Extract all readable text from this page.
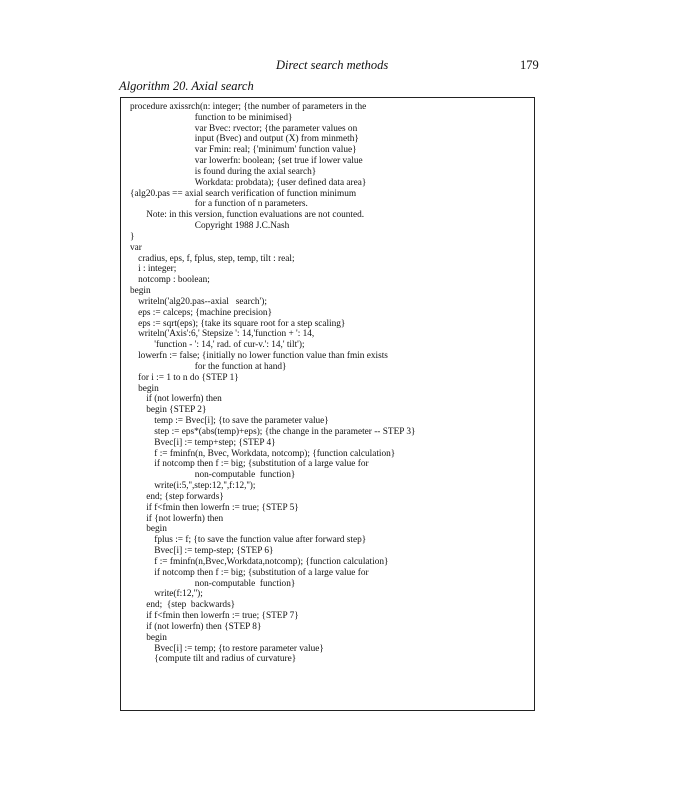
Direct search methods	179
Algorithm 20. Axial search
procedure axissrch(n: integer; {the number of parameters in the
function to be minimised}
var Bvec: rvector; {the parameter values on
input (Bvec) and output (X) from minmeth}
var Fmin: real; {'minimum' function value}
var lowerfn: boolean; {set true if lower value
is found during the axial search}
Workdata: probdata); {user defined data area}
{alg20.pas == axial search verification of function minimum
for a function of n parameters.
Note: in this version, function evaluations are not counted.
Copyright 1988 J.C.Nash
}
var
cradius, eps, f, fplus, step, temp, tilt : real;
i : integer;
notcomp : boolean;
begin
writeln('alg20.pas--axial   search');
eps := calceps; {machine precision}
eps := sqrt(eps); {take its square root for a step scaling}
writeln('Axis':6,' Stepsize ': 14,'function + ': 14,
'function - ': 14,' rad. of cur-v.': 14,' tilt');
lowerfn := false; {initially no lower function value than fmin exists
for the function at hand}
for i := 1 to n do {STEP 1}
begin
if (not lowerfn) then
begin {STEP 2}
temp := Bvec[i]; {to save the parameter value}
step := eps*(abs(temp)+eps); {the change in the parameter -- STEP 3}
Bvec[i] := temp+step; {STEP 4}
f := fminfn(n, Bvec, Workdata, notcomp); {function calculation}
if notcomp then f := big; {substitution of a large value for
non-computable  function}
write(i:5,'',step:12,'',f:12,'');
end; {step forwards}
if f<fmin then lowerfn := true; {STEP 5}
if {not lowerfn) then
begin
fplus := f; {to save the function value after forward step}
Bvec[i] := temp-step; {STEP 6}
f := fminfn(n,Bvec,Workdata,notcomp); {function calculation}
if notcomp then f := big; {substitution of a large value for
non-computable  function}
write(f:12,'');
end;  {step  backwards}
if f<fmin then lowerfn := true; {STEP 7}
if (not lowerfn) then {STEP 8}
begin
Bvec[i] := temp; {to restore parameter value}
{compute tilt and radius of curvature}
